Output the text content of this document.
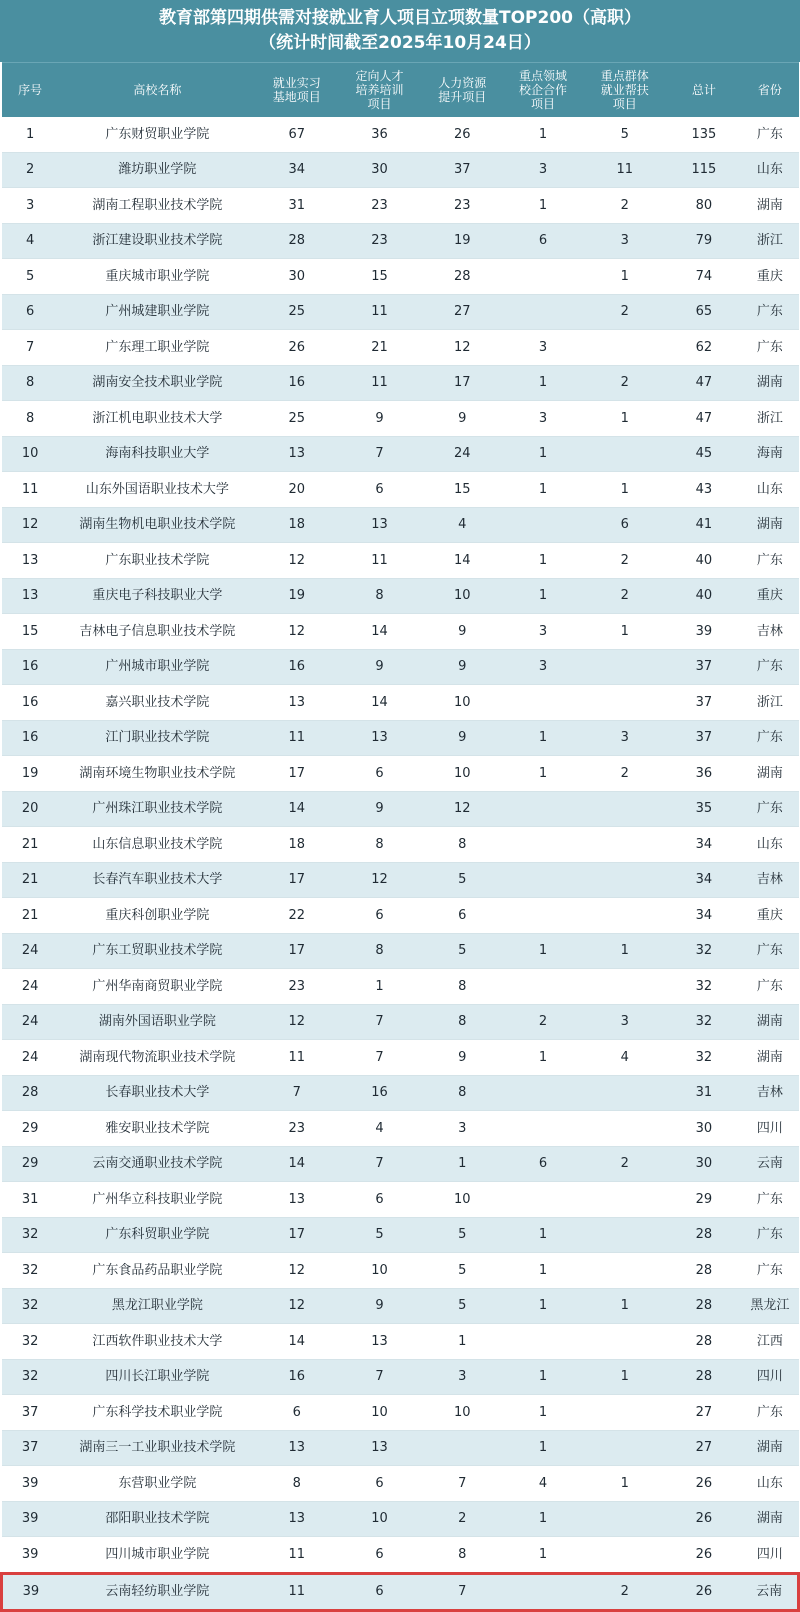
教育部第四期供需对接就业育人项目立项数量TOP200（高职）
（统计时间截至2025年10月24日）
序号	高校名称	就业实习
基地项目	定向人才
培养培训
项目	人力资源
提升项目	重点领域
校企合作
项目	重点群体
就业帮扶
项目	总计	省份
1	广东财贸职业学院	67	36	26	1	5	135	广东
2	潍坊职业学院	34	30	37	3	11	115	山东
3	湖南工程职业技术学院	31	23	23	1	2	80	湖南
4	浙江建设职业技术学院	28	23	19	6	3	79	浙江
5	重庆城市职业学院	30	15	28		1	74	重庆
6	广州城建职业学院	25	11	27		2	65	广东
7	广东理工职业学院	26	21	12	3		62	广东
8	湖南安全技术职业学院	16	11	17	1	2	47	湖南
8	浙江机电职业技术大学	25	9	9	3	1	47	浙江
10	海南科技职业大学	13	7	24	1		45	海南
11	山东外国语职业技术大学	20	6	15	1	1	43	山东
12	湖南生物机电职业技术学院	18	13	4		6	41	湖南
13	广东职业技术学院	12	11	14	1	2	40	广东
13	重庆电子科技职业大学	19	8	10	1	2	40	重庆
15	吉林电子信息职业技术学院	12	14	9	3	1	39	吉林
16	广州城市职业学院	16	9	9	3		37	广东
16	嘉兴职业技术学院	13	14	10			37	浙江
16	江门职业技术学院	11	13	9	1	3	37	广东
19	湖南环境生物职业技术学院	17	6	10	1	2	36	湖南
20	广州珠江职业技术学院	14	9	12			35	广东
21	山东信息职业技术学院	18	8	8			34	山东
21	长春汽车职业技术大学	17	12	5			34	吉林
21	重庆科创职业学院	22	6	6			34	重庆
24	广东工贸职业技术学院	17	8	5	1	1	32	广东
24	广州华南商贸职业学院	23	1	8			32	广东
24	湖南外国语职业学院	12	7	8	2	3	32	湖南
24	湖南现代物流职业技术学院	11	7	9	1	4	32	湖南
28	长春职业技术大学	7	16	8			31	吉林
29	雅安职业技术学院	23	4	3			30	四川
29	云南交通职业技术学院	14	7	1	6	2	30	云南
31	广州华立科技职业学院	13	6	10			29	广东
32	广东科贸职业学院	17	5	5	1		28	广东
32	广东食品药品职业学院	12	10	5	1		28	广东
32	黑龙江职业学院	12	9	5	1	1	28	黑龙江
32	江西软件职业技术大学	14	13	1			28	江西
32	四川长江职业学院	16	7	3	1	1	28	四川
37	广东科学技术职业学院	6	10	10	1		27	广东
37	湖南三一工业职业技术学院	13	13		1		27	湖南
39	东营职业学院	8	6	7	4	1	26	山东
39	邵阳职业技术学院	13	10	2	1		26	湖南
39	四川城市职业学院	11	6	8	1		26	四川
39	云南轻纺职业学院	11	6	7		2	26	云南
